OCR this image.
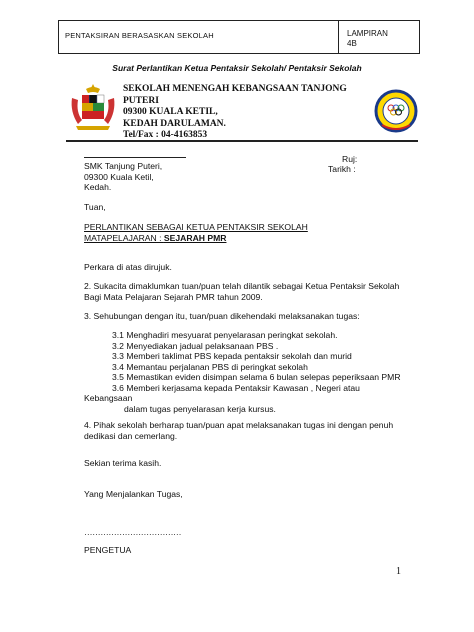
PENTAKSIRAN BERASASKAN SEKOLAH	LAMPIRAN
4B
Surat Perlantikan Ketua Pentaksir Sekolah/ Pentaksir Sekolah
SEKOLAH MENENGAH KEBANGSAAN TANJONG PUTERI
09300 KUALA KETIL,
KEDAH DARULAMAN.
Tel/Fax : 04-4163853
Ruj:
Tarikh :
SMK Tanjung Puteri,
09300 Kuala Ketil,
Kedah.
Tuan,
PERLANTIKAN SEBAGAI KETUA PENTAKSIR SEKOLAH
MATAPELAJARAN : SEJARAH PMR
Perkara di atas dirujuk.
2. Sukacita dimaklumkan tuan/puan telah dilantik sebagai Ketua Pentaksir Sekolah
Bagi Mata Pelajaran Sejarah PMR tahun 2009.
3. Sehubungan dengan itu, tuan/puan dikehendaki melaksanakan tugas:
3.1 Menghadiri mesyuarat penyelarasan peringkat sekolah.
3.2 Menyediakan jadual pelaksanaan PBS .
3.3 Memberi taklimat PBS kepada pentaksir sekolah dan murid
3.4 Memantau perjalanan PBS di peringkat sekolah
3.5 Memastikan eviden disimpan selama 6 bulan selepas peperiksaan PMR
3.6 Memberi kerjasama kepada Pentaksir Kawasan , Negeri atau
Kebangsaan
dalam tugas penyelarasan kerja kursus.
4. Pihak sekolah berharap tuan/puan apat melaksanakan tugas ini dengan penuh
dedikasi dan cemerlang.
Sekian terima kasih.
Yang Menjalankan Tugas,
………………………………
PENGETUA
1
